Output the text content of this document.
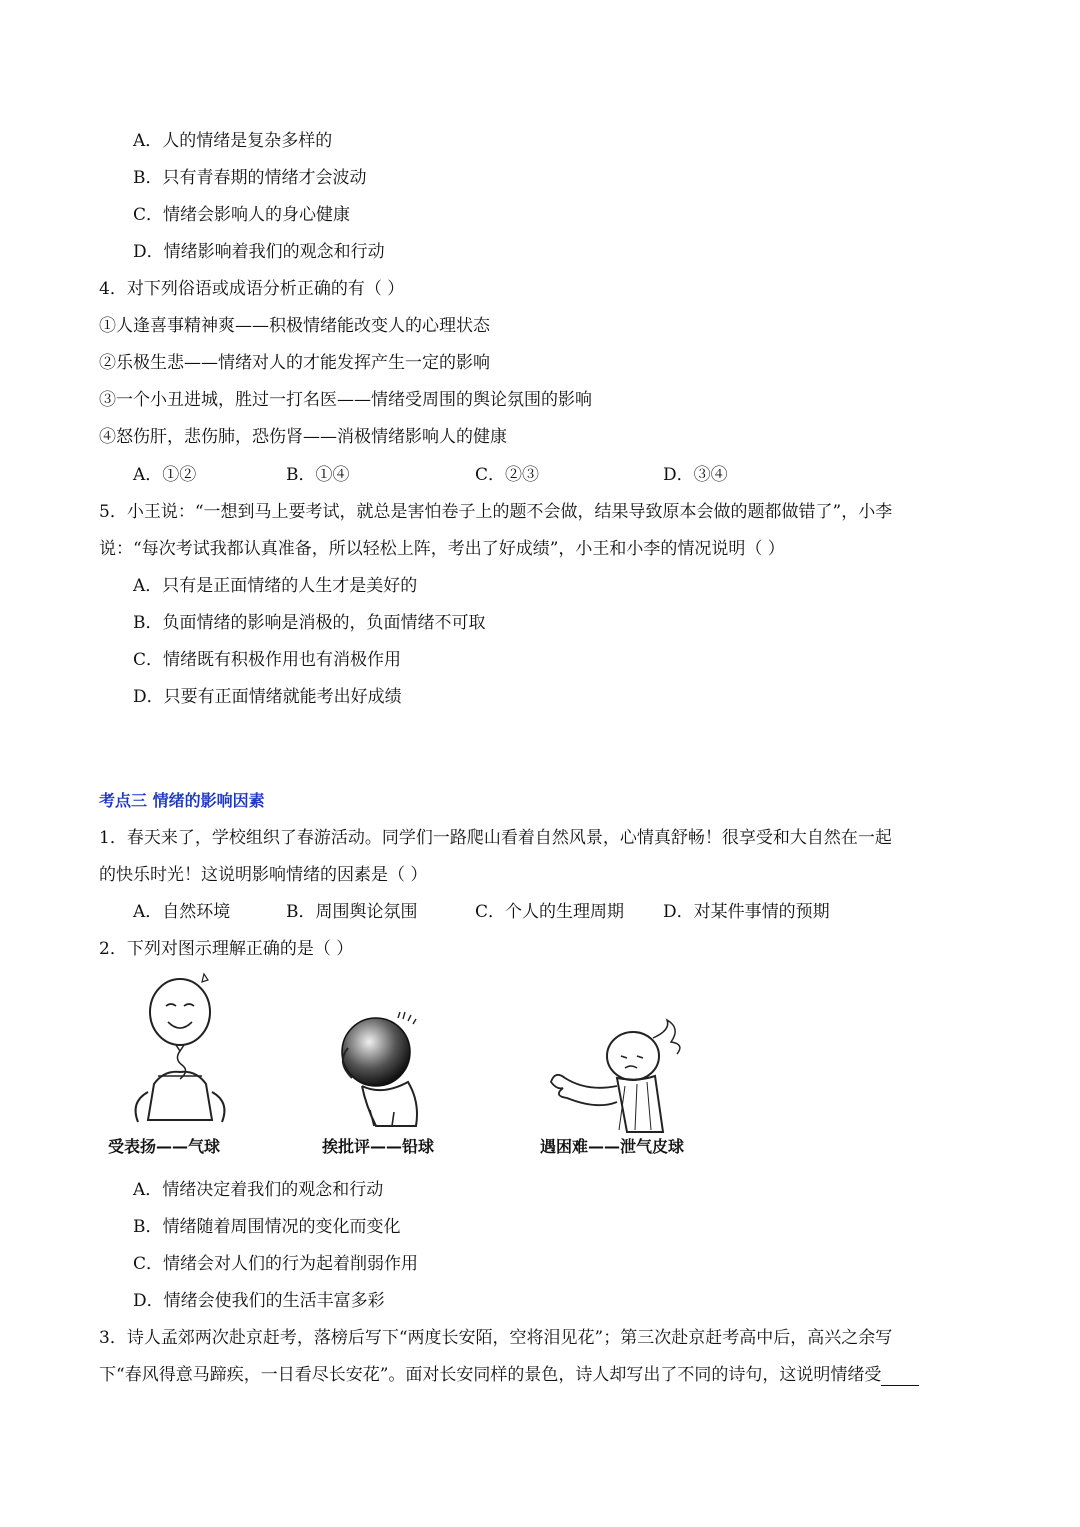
A．人的情绪是复杂多样的
B．只有青春期的情绪才会波动
C．情绪会影响人的身心健康
D．情绪影响着我们的观念和行动
4．对下列俗语或成语分析正确的有（ ）
①人逢喜事精神爽——积极情绪能改变人的心理状态
②乐极生悲——情绪对人的才能发挥产生一定的影响
③一个小丑进城，胜过一打名医——情绪受周围的舆论氛围的影响
④怒伤肝，悲伤肺，恐伤肾——消极情绪影响人的健康
A．①②	B．①④	C．②③	D．③④
5．小王说：“一想到马上要考试，就总是害怕卷子上的题不会做，结果导致原本会做的题都做错了”，小李
说：“每次考试我都认真准备，所以轻松上阵，考出了好成绩”，小王和小李的情况说明（ ）
A．只有是正面情绪的人生才是美好的
B．负面情绪的影响是消极的，负面情绪不可取
C．情绪既有积极作用也有消极作用
D．只要有正面情绪就能考出好成绩
考点三 情绪的影响因素
1．春天来了，学校组织了春游活动。同学们一路爬山看着自然风景，心情真舒畅！很享受和大自然在一起
的快乐时光！这说明影响情绪的因素是（ ）
A．自然环境	B．周围舆论氛围	C．个人的生理周期 D．对某件事情的预期
2．下列对图示理解正确的是（ ）
受表扬——气球	挨批评——铅球	遇困难——泄气皮球
A．情绪决定着我们的观念和行动
B．情绪随着周围情况的变化而变化
C．情绪会对人们的行为起着削弱作用
D．情绪会使我们的生活丰富多彩
3．诗人孟郊两次赴京赶考，落榜后写下“两度长安陌，空将泪见花”；第三次赴京赶考高中后，高兴之余写
下“春风得意马蹄疾，一日看尽长安花”。面对长安同样的景色，诗人却写出了不同的诗句，这说明情绪受
